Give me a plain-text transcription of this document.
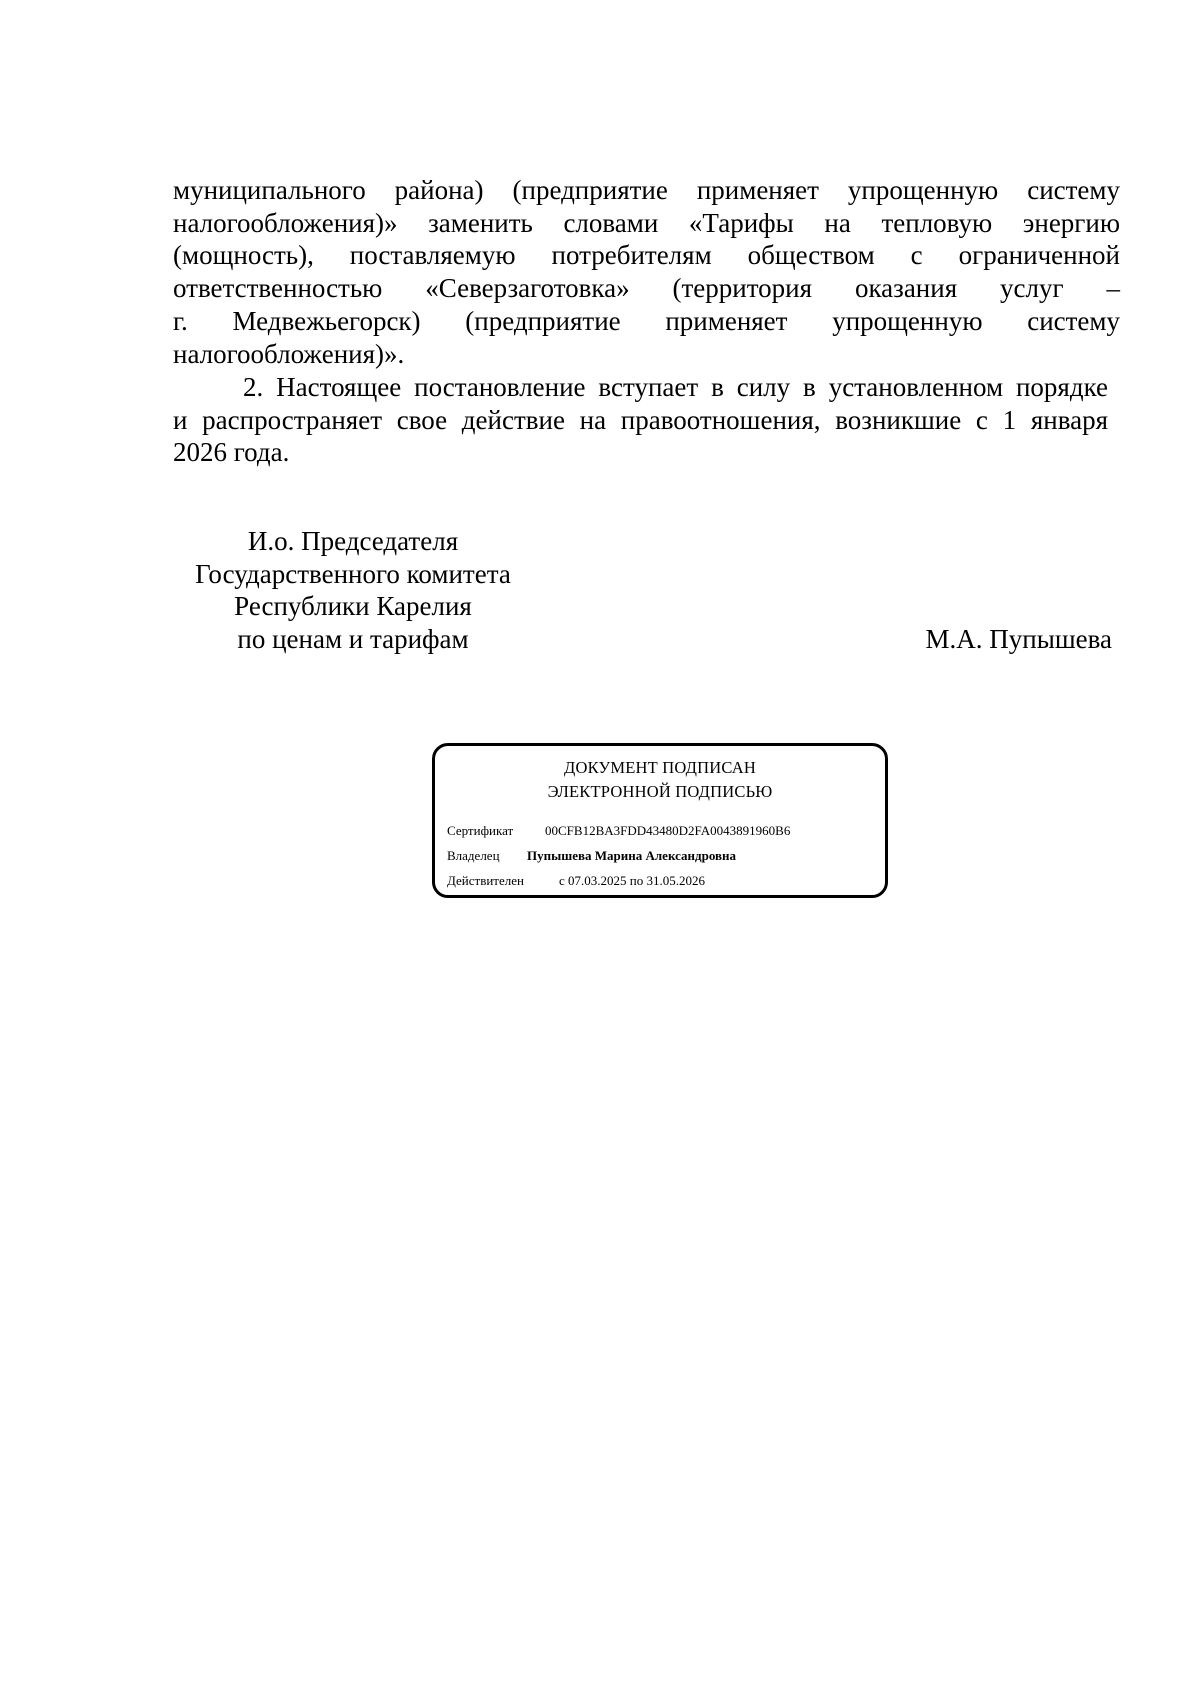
муниципального района) (предприятие применяет упрощенную систему
налогообложения)» заменить словами «Тарифы на тепловую энергию
(мощность), поставляемую потребителям обществом с ограниченной
ответственностью «Северзаготовка» (территория оказания услуг –
г. Медвежьегорск) (предприятие применяет упрощенную систему
налогообложения)».
2. Настоящее постановление вступает в силу в установленном порядке
и распространяет свое действие на правоотношения, возникшие с 1 января
2026 года.
И.о. Председателя
Государственного комитета
Республики Карелия
по ценам и тарифам	М.А. Пупышева
ДОКУМЕНТ ПОДПИСАН
ЭЛЕКТРОННОЙ ПОДПИСЬЮ
Сертификат 00CFB12BA3FDD43480D2FA0043891960B6
Владелец Пупышева Марина Александровна
Действителен	с 07.03.2025 по 31.05.2026
